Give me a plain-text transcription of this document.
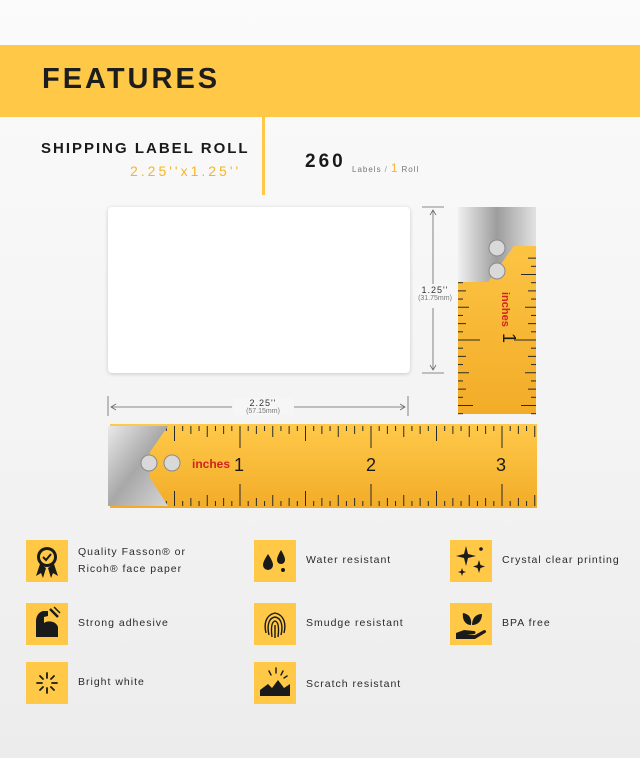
FEATURES
SHIPPING LABEL ROLL
2.25''x1.25''	260 Labels / 1 Roll
inches 1	2	3
inches
1
1.25''
(31.75mm)
2.25''
(57.15mm)
Quality Fasson® or
Ricoh® face paper
Water resistant	Crystal clear printing
Strong adhesive	Smudge resistant	BPA free
Bright white	Scratch resistant
